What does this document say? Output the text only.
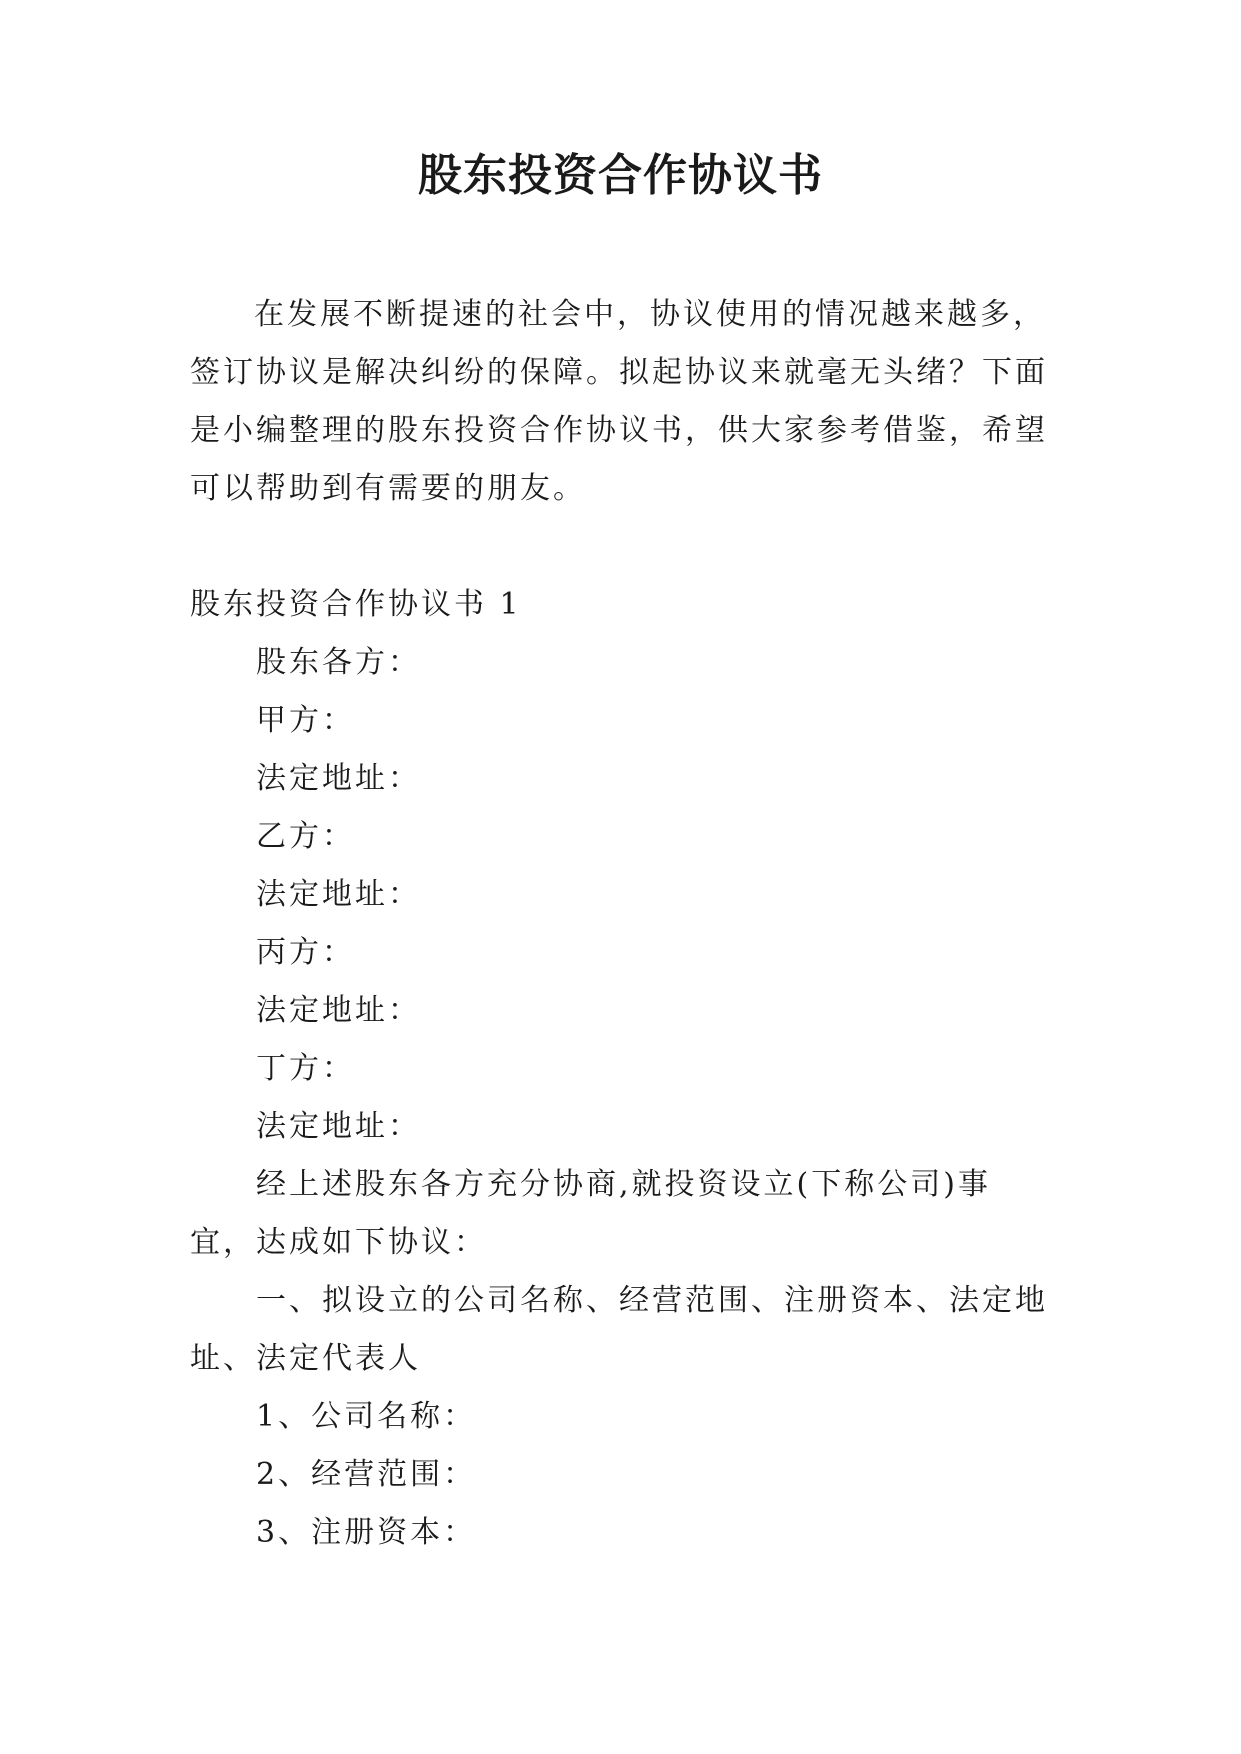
股东投资合作协议书

在发展不断提速的社会中，协议使用的情况越来越多，签订协议是解决纠纷的保障。拟起协议来就毫无头绪？下面是小编整理的股东投资合作协议书，供大家参考借鉴，希望可以帮助到有需要的朋友。

股东投资合作协议书 1
股东各方：
甲方：
法定地址：
乙方：
法定地址：
丙方：
法定地址：
丁方：
法定地址：
经上述股东各方充分协商,就投资设立(下称公司)事宜，达成如下协议：
一、拟设立的公司名称、经营范围、注册资本、法定地址、法定代表人
1、公司名称：
2、经营范围：
3、注册资本：
